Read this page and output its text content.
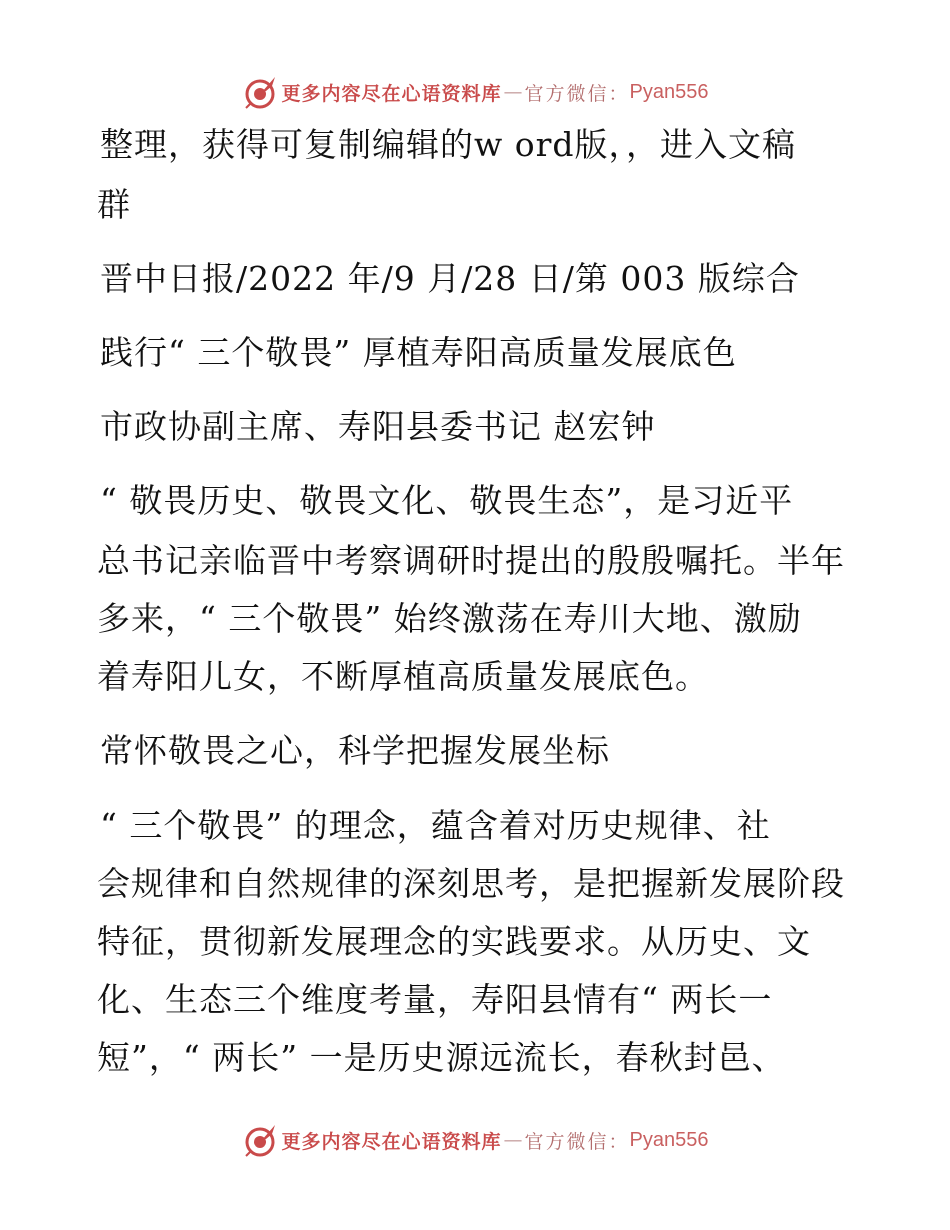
更多内容尽在心语资料库 — 官方微信： Pyan556
整理，获得可复制编辑的w ord版，，进入文稿
群
晋中日报/2022 年/9 月/28 日/第 003 版综合
践行“ 三个敬畏” 厚植寿阳高质量发展底色
市政协副主席、寿阳县委书记 赵宏钟
“ 敬畏历史、敬畏文化、敬畏生态”，是习近平
总书记亲临晋中考察调研时提出的殷殷嘱托。半年
多来，“ 三个敬畏” 始终激荡在寿川大地、激励
着寿阳儿女，不断厚植高质量发展底色。
常怀敬畏之心，科学把握发展坐标
“ 三个敬畏” 的理念，蕴含着对历史规律、社
会规律和自然规律的深刻思考，是把握新发展阶段
特征，贯彻新发展理念的实践要求。从历史、文
化、生态三个维度考量，寿阳县情有“ 两长一
短”，“ 两长” 一是历史源远流长，春秋封邑、
更多内容尽在心语资料库 — 官方微信： Pyan556
